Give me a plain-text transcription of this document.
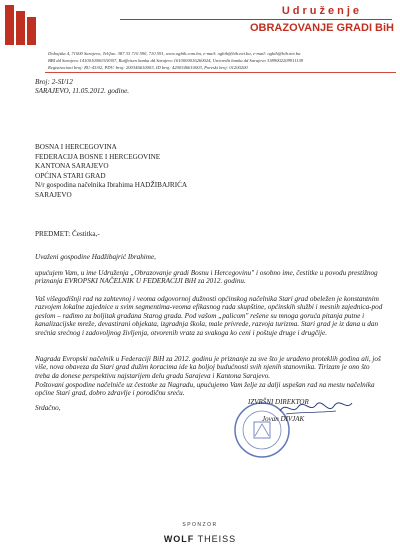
Udruženje
OBRAZOVANJE GRADI BiH
Dobojska 4, 71000 Sarajevo, Tel/fax: 387 33 710 590, 710 591, www.ogbih.com.ba, e-mail: ogbih@bih.net.ba, e-mail: ogbih@bih.net.ba
BBI dd Sarajevo 1410010000318307, Raiffeisen banka dd Sarajevo 1610000016260024, Unicredit banka dd Sarajevo 3389002209911138
Registracioni broj: RU-43/02, PDV: broj: 200346610003, ID broj: 4200346610003, Poreski broj: 01200200
Broj: 2-SI/12
SARAJEVO, 11.05.2012. godine.
BOSNA I HERCEGOVINA
FEDERACIJA BOSNE I HERCEGOVINE
KANTONA SARAJEVO
OPĆINA STARI GRAD
N/r gospodina načelnika Ibrahima HADŽIBAJRIĆA
SARAJEVO
PREDMET: Čestitka,-
Uvaženi gospodine Hadžibajrić Ibrahime,
upućujem Vam, u ime Udruženja „Obrazovanje gradi Bosnu i Hercegovinu" i osobno ime, čestitke u povodu prestižnog priznanja EVROPSKI NAČELNIK U FEDERACIJI BiH za 2012. godinu.
Vaš višegodišnji rad na zahtevnoj i veoma odgovornoj dužnosti općinskog načelnika Stari grad obeležen je konstantnim razvojem lokalne zajednice u svim segmentima-veoma efikasnog rada skupštine, općinskih službi i mesnih zajednica-pod geslom – radimo za boljitak građana Starog grada. Pod vašom „palicom" rešene su mnoga goruća pitanja putne i kanalizacijske mreže, devastirani objekata, izgradnja škola, male privrede, razvoja turizma. Stari grad je iz dana u dan srećnia srećnog i zadovoljnog življenja, otvorenih vrata za svakoga ko ceni i poštuje druge i drugčije.
Nagrada Evropski načelnik u Federaciji BiH za 2012. godinu je priznanje za sve što je urađeno proteklih godina ali, još više, nova obaveza da Stari grad dužim koracima ide ka boljoj budućnosti svih njenih stanovnika. Tirizam je ono što treba da donese perspektivu najstarijem delu grada Sarajeva i Kantona Sarajevo.
Poštovani gospodine načelniče uz čestotke za Nagradu, upućujemo Vam želje za dalji uspešan rad na mestu načelnika općine Stari grad, dobro zdravlje i porodičnu sreću.
Srdačno,
IZVRŠNI DIREKTOR
Jovan DIVJAK
SPONZOR
WOLF THEISS
